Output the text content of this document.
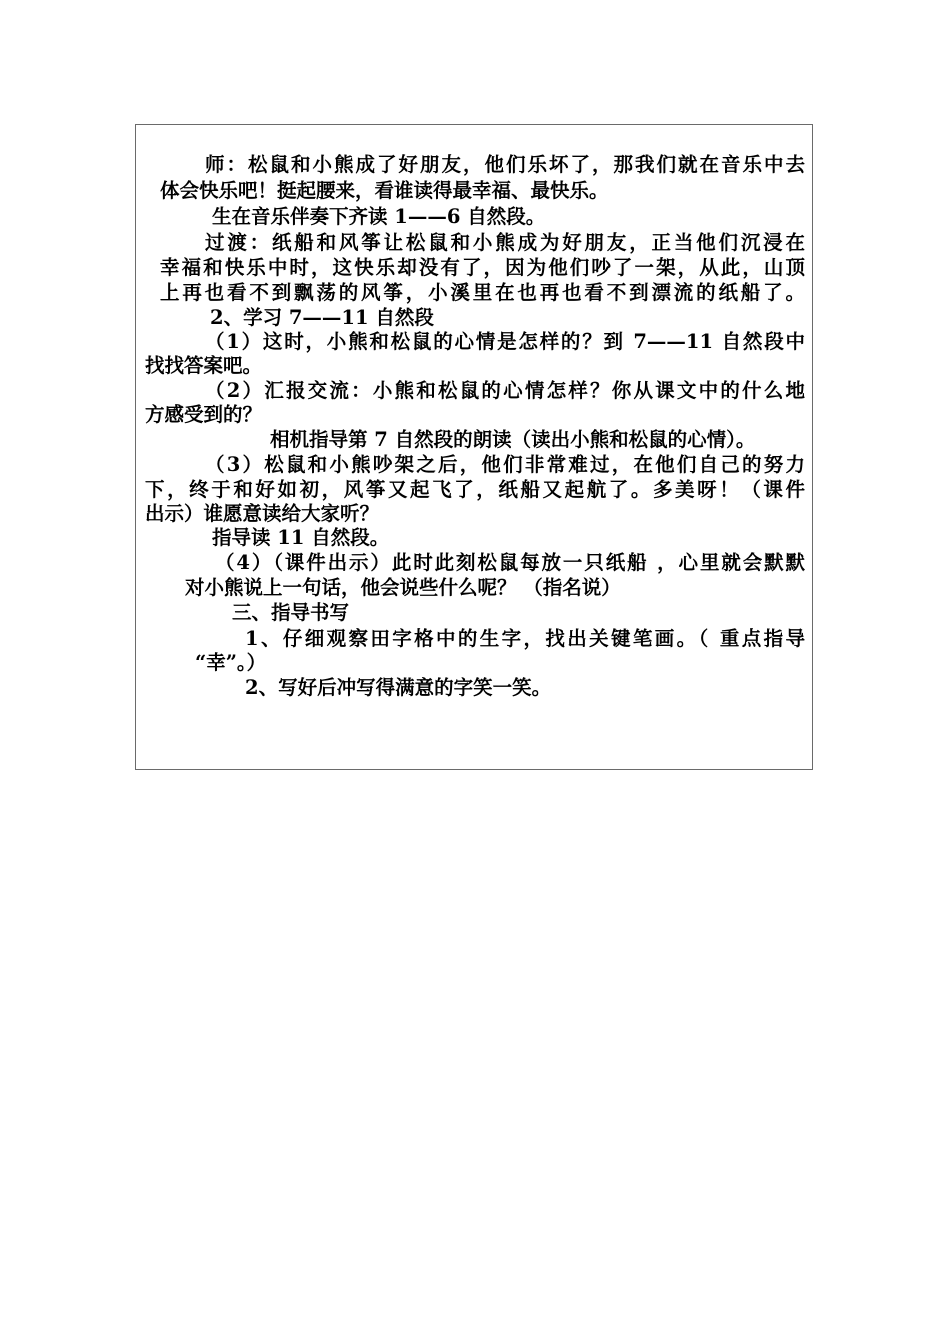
师：松鼠和小熊成了好朋友，他们乐坏了，那我们就在音乐中去
体会快乐吧！挺起腰来，看谁读得最幸福、最快乐。
生在音乐伴奏下齐读 1——6 自然段。
过渡：纸船和风筝让松鼠和小熊成为好朋友，正当他们沉浸在
幸福和快乐中时，这快乐却没有了，因为他们吵了一架，从此，山顶
上再也看不到飘荡的风筝，小溪里在也再也看不到漂流的纸船了。
2、学习 7——11 自然段
（1）这时，小熊和松鼠的心情是怎样的？到 7——11 自然段中
找找答案吧。
（2）汇报交流：小熊和松鼠的心情怎样？你从课文中的什么地
方感受到的？
相机指导第 7 自然段的朗读（读出小熊和松鼠的心情）。
（3）松鼠和小熊吵架之后，他们非常难过，在他们自己的努力
下，终于和好如初，风筝又起飞了，纸船又起航了。多美呀！（课件
出示）谁愿意读给大家听？
指导读 11 自然段。
（4）（课件出示）此时此刻松鼠每放一只纸船 ，心里就会默默
对小熊说上一句话，他会说些什么呢？ （指名说）
三、指导书写
1、仔细观察田字格中的生字，找出关键笔画。（ 重点指导
“幸”。）
2、写好后冲写得满意的字笑一笑。
